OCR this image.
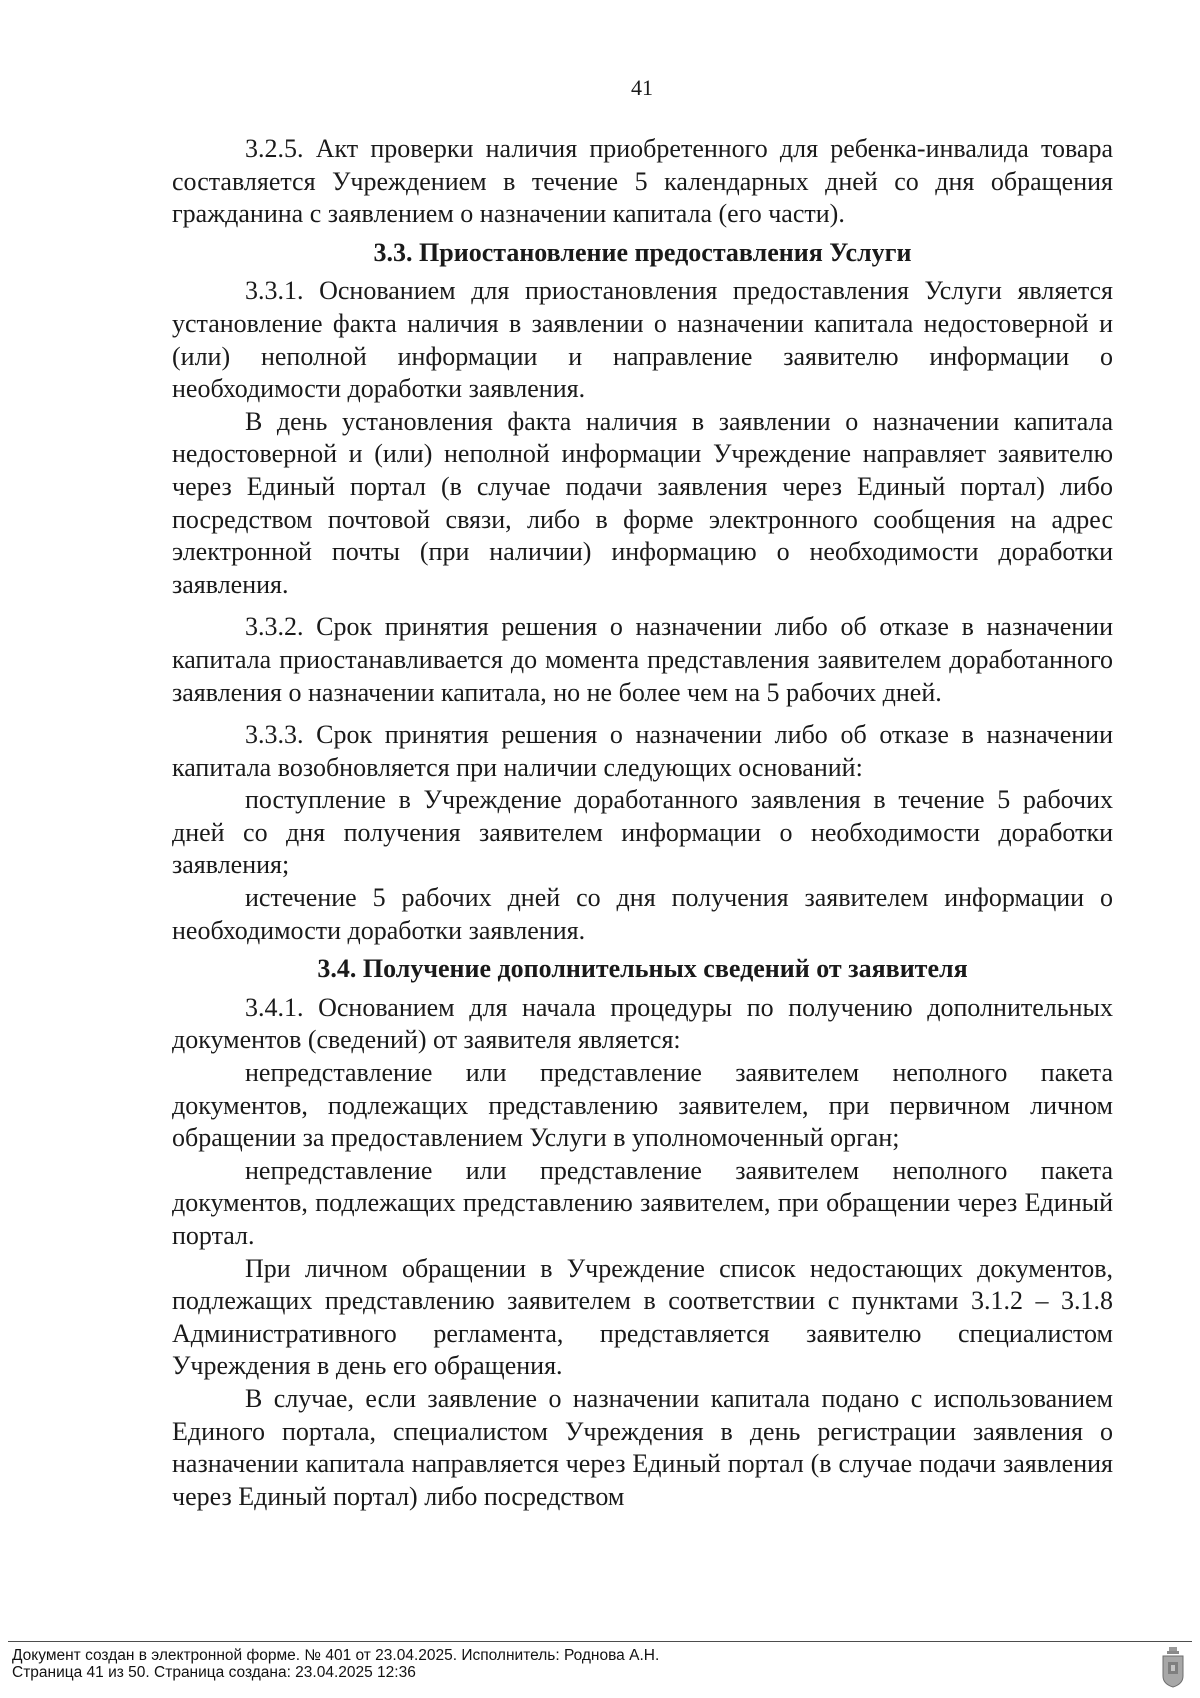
41

3.2.5. Акт проверки наличия приобретенного для ребенка-инвалида товара составляется Учреждением в течение 5 календарных дней со дня обращения гражданина с заявлением о назначении капитала (его части).

3.3. Приостановление предоставления Услуги

3.3.1. Основанием для приостановления предоставления Услуги является установление факта наличия в заявлении о назначении капитала недостоверной и (или) неполной информации и направление заявителю информации о необходимости доработки заявления.

В день установления факта наличия в заявлении о назначении капитала недостоверной и (или) неполной информации Учреждение направляет заявителю через Единый портал (в случае подачи заявления через Единый портал) либо посредством почтовой связи, либо в форме электронного сообщения на адрес электронной почты (при наличии) информацию о необходимости доработки заявления.

3.3.2. Срок принятия решения о назначении либо об отказе в назначении капитала приостанавливается до момента представления заявителем доработанного заявления о назначении капитала, но не более чем на 5 рабочих дней.

3.3.3. Срок принятия решения о назначении либо об отказе в назначении капитала возобновляется при наличии следующих оснований:

поступление в Учреждение доработанного заявления в течение 5 рабочих дней со дня получения заявителем информации о необходимости доработки заявления;

истечение 5 рабочих дней со дня получения заявителем информации о необходимости доработки заявления.

3.4. Получение дополнительных сведений от заявителя

3.4.1. Основанием для начала процедуры по получению дополнительных документов (сведений) от заявителя является:

непредставление или представление заявителем неполного пакета документов, подлежащих представлению заявителем, при первичном личном обращении за предоставлением Услуги в уполномоченный орган;

непредставление или представление заявителем неполного пакета документов, подлежащих представлению заявителем, при обращении через Единый портал.

При личном обращении в Учреждение список недостающих документов, подлежащих представлению заявителем в соответствии с пунктами 3.1.2 – 3.1.8 Административного регламента, представляется заявителю специалистом Учреждения в день его обращения.

В случае, если заявление о назначении капитала подано с использованием Единого портала, специалистом Учреждения в день регистрации заявления о назначении капитала направляется через Единый портал (в случае подачи заявления через Единый портал) либо посредством

Документ создан в электронной форме. № 401 от 23.04.2025. Исполнитель: Роднова А.Н.
Страница 41 из 50. Страница создана: 23.04.2025 12:36
